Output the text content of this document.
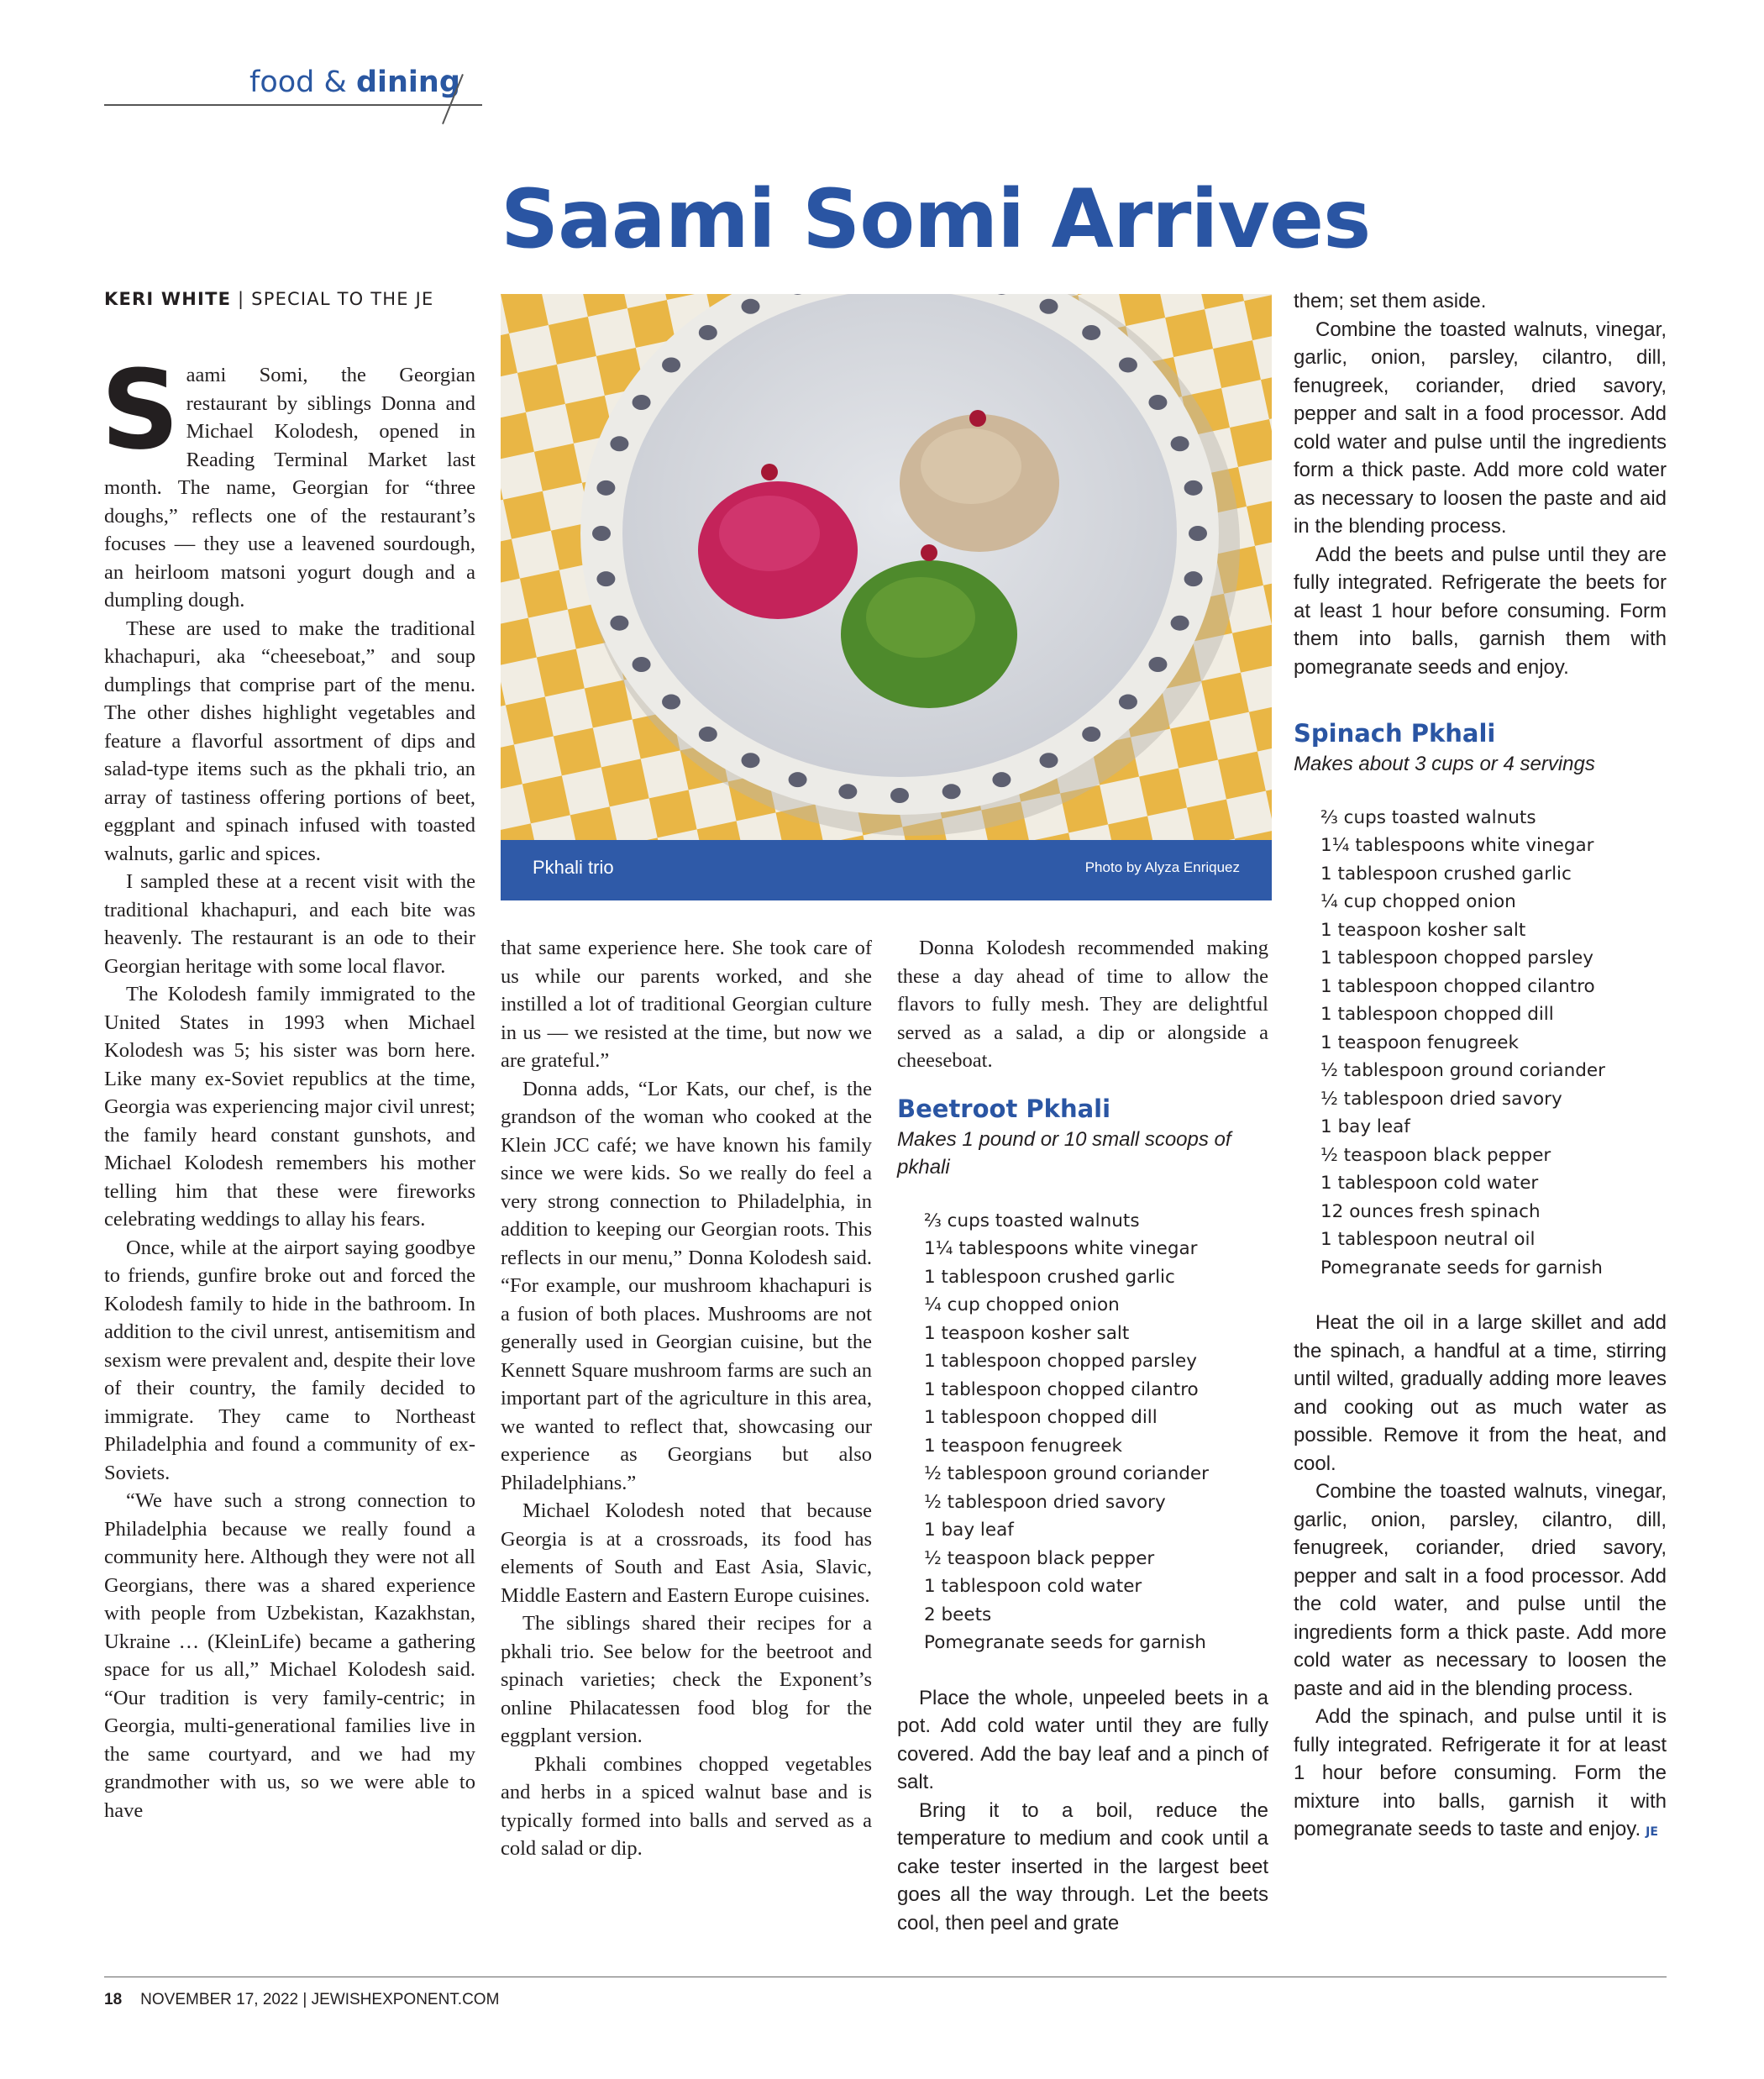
food & dining
Saami Somi Arrives
KERI WHITE | SPECIAL TO THE JE

Saami Somi, the Georgian restaurant by siblings Donna and Michael Kolodesh, opened in Reading Terminal Market last month. The name, Georgian for “three doughs,” reflects one of the restaurant’s focuses — they use a leavened sourdough, an heirloom matsoni yogurt dough and a dumpling dough.

These are used to make the traditional khachapuri, aka “cheeseboat,” and soup dumplings that comprise part of the menu. The other dishes highlight vegetables and feature a flavorful assortment of dips and salad-type items such as the pkhali trio, an array of tastiness offering portions of beet, eggplant and spinach infused with toasted walnuts, garlic and spices.

I sampled these at a recent visit with the traditional khachapuri, and each bite was heavenly. The restaurant is an ode to their Georgian heritage with some local flavor.

The Kolodesh family immigrated to the United States in 1993 when Michael Kolodesh was 5; his sister was born here. Like many ex-Soviet republics at the time, Georgia was experiencing major civil unrest; the family heard constant gunshots, and Michael Kolodesh remembers his mother telling him that these were fireworks celebrating weddings to allay his fears.

Once, while at the airport saying goodbye to friends, gunfire broke out and forced the Kolodesh family to hide in the bathroom. In addition to the civil unrest, antisemitism and sexism were prevalent and, despite their love of their country, the family decided to immigrate. They came to Northeast Philadelphia and found a community of ex-Soviets.

“We have such a strong connection to Philadelphia because we really found a community here. Although they were not all Georgians, there was a shared experience with people from Uzbekistan, Kazakhstan, Ukraine … (KleinLife) became a gathering space for us all,” Michael Kolodesh said. “Our tradition is very family-centric; in Georgia, multi-generational families live in the same courtyard, and we had my grandmother with us, so we were able to have

Pkhali trio	Photo by Alyza Enriquez

that same experience here. She took care of us while our parents worked, and she instilled a lot of traditional Georgian culture in us — we resisted at the time, but now we are grateful.”

Donna adds, “Lor Kats, our chef, is the grandson of the woman who cooked at the Klein JCC café; we have known his family since we were kids. So we really do feel a very strong connection to Philadelphia, in addition to keeping our Georgian roots. This reflects in our menu,” Donna Kolodesh said. “For example, our mushroom khachapuri is a fusion of both places. Mushrooms are not generally used in Georgian cuisine, but the Kennett Square mushroom farms are such an important part of the agriculture in this area, we wanted to reflect that, showcasing our experience as Georgians but also Philadelphians.”

Michael Kolodesh noted that because Georgia is at a crossroads, its food has elements of South and East Asia, Slavic, Middle Eastern and Eastern Europe cuisines.

The siblings shared their recipes for a pkhali trio. See below for the beetroot and spinach varieties; check the Exponent’s online Philacatessen food blog for the eggplant version.

Pkhali combines chopped vegetables and herbs in a spiced walnut base and is typically formed into balls and served as a cold salad or dip.

Donna Kolodesh recommended making these a day ahead of time to allow the flavors to fully mesh. They are delightful served as a salad, a dip or alongside a cheeseboat.

Beetroot Pkhali

Makes 1 pound or 10 small scoops of pkhali

⅔ cups toasted walnuts
1¼ tablespoons white vinegar
1 tablespoon crushed garlic
¼ cup chopped onion
1 teaspoon kosher salt
1 tablespoon chopped parsley
1 tablespoon chopped cilantro
1 tablespoon chopped dill
1 teaspoon fenugreek
½ tablespoon ground coriander
½ tablespoon dried savory
1 bay leaf
½ teaspoon black pepper
1 tablespoon cold water
2 beets
Pomegranate seeds for garnish

Place the whole, unpeeled beets in a pot. Add cold water until they are fully covered. Add the bay leaf and a pinch of salt.

Bring it to a boil, reduce the temperature to medium and cook until a cake tester inserted in the largest beet goes all the way through. Let the beets cool, then peel and grate

them; set them aside.

Combine the toasted walnuts, vinegar, garlic, onion, parsley, cilantro, dill, fenugreek, coriander, dried savory, pepper and salt in a food processor. Add cold water and pulse until the ingredients form a thick paste. Add more cold water as necessary to loosen the paste and aid in the blending process.

Add the beets and pulse until they are fully integrated. Refrigerate the beets for at least 1 hour before consuming. Form them into balls, garnish them with pomegranate seeds and enjoy.

Spinach Pkhali

Makes about 3 cups or 4 servings

⅔ cups toasted walnuts
1¼ tablespoons white vinegar
1 tablespoon crushed garlic
¼ cup chopped onion
1 teaspoon kosher salt
1 tablespoon chopped parsley
1 tablespoon chopped cilantro
1 tablespoon chopped dill
1 teaspoon fenugreek
½ tablespoon ground coriander
½ tablespoon dried savory
1 bay leaf
½ teaspoon black pepper
1 tablespoon cold water
12 ounces fresh spinach
1 tablespoon neutral oil
Pomegranate seeds for garnish

Heat the oil in a large skillet and add the spinach, a handful at a time, stirring until wilted, gradually adding more leaves and cooking out as much water as possible. Remove it from the heat, and cool.

Combine the toasted walnuts, vinegar, garlic, onion, parsley, cilantro, dill, fenugreek, coriander, dried savory, pepper and salt in a food processor. Add the cold water, and pulse until the ingredients form a thick paste. Add more cold water as necessary to loosen the paste and aid in the blending process.

Add the spinach, and pulse until it is fully integrated. Refrigerate it for at least 1 hour before consuming. Form the mixture into balls, garnish it with pomegranate seeds to taste and enjoy. JE

18 NOVEMBER 17, 2022 | JEWISHEXPONENT.COM
